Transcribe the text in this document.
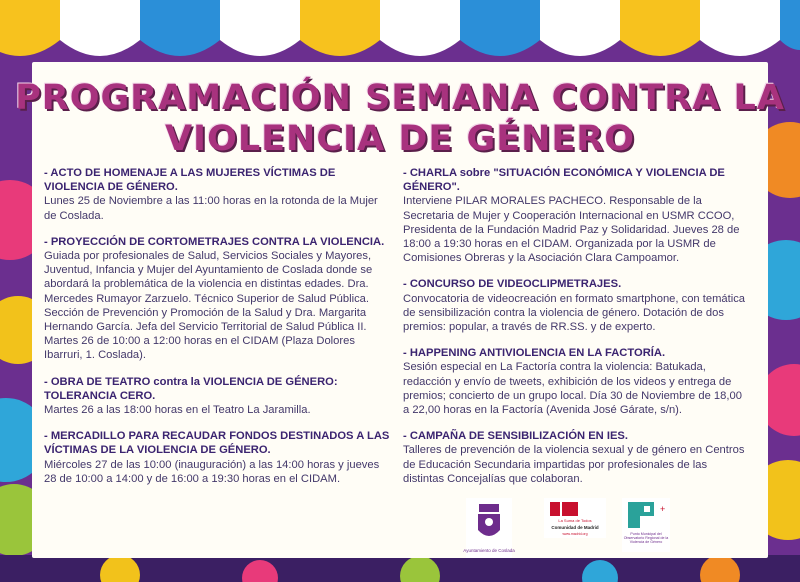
PROGRAMACIÓN SEMANA CONTRA LA
VIOLENCIA DE GÉNERO
- ACTO DE HOMENAJE A LAS MUJERES VÍCTIMAS DE VIOLENCIA DE GÉNERO.
Lunes 25 de Noviembre a las 11:00 horas en la rotonda de la Mujer de Coslada.
- PROYECCIÓN DE CORTOMETRAJES CONTRA LA VIOLENCIA.
Guiada por profesionales de Salud, Servicios Sociales y Mayores, Juventud, Infancia y Mujer del Ayuntamiento de Coslada donde se abordará la problemática de la violencia en distintas edades. Dra. Mercedes Rumayor Zarzuelo. Técnico Superior de Salud Pública. Sección de Prevención y Promoción de la Salud y Dra. Margarita Hernando García. Jefa del Servicio Territorial de Salud Pública II. Martes 26 de 10:00 a 12:00 horas en el CIDAM (Plaza Dolores Ibarruri, 1. Coslada).
- OBRA DE TEATRO contra la VIOLENCIA DE GÉNERO: TOLERANCIA CERO.
Martes 26 a las 18:00 horas en el Teatro La Jaramilla.
- MERCADILLO PARA RECAUDAR FONDOS DESTINADOS A LAS VÍCTIMAS DE LA VIOLENCIA DE GÉNERO.
Miércoles 27 de las 10:00 (inauguración) a las 14:00 horas y jueves 28 de 10:00 a 14:00 y de 16:00 a 19:30 horas en el CIDAM.
- CHARLA sobre "SITUACIÓN ECONÓMICA Y VIOLENCIA DE GÉNERO".
Interviene PILAR MORALES PACHECO. Responsable de la Secretaria de Mujer y Cooperación Internacional en USMR CCOO, Presidenta de la Fundación Madrid Paz y Solidaridad. Jueves 28 de 18:00 a 19:30 horas en el CIDAM. Organizada por la USMR de Comisiones Obreras y la Asociación Clara Campoamor.
- CONCURSO DE VIDEOCLIPMETRAJES.
Convocatoria de videocreación en formato smartphone, con temática de sensibilización contra la violencia de género. Dotación de dos premios: popular, a través de RR.SS. y de experto.
- HAPPENING ANTIVIOLENCIA EN LA FACTORÍA.
Sesión especial en La Factoría contra la violencia: Batukada, redacción y envío de tweets, exhibición de los videos y entrega de premios; concierto de un grupo local. Día 30 de Noviembre de 18,00 a 22,00 horas en la Factoría (Avenida José Gárate, s/n).
- CAMPAÑA DE SENSIBILIZACIÓN EN IES.
Talleres de prevención de la violencia sexual y de género en Centros de Educación Secundaria impartidas por profesionales de las distintas Concejalías que colaboran.
Ayuntamiento de Coslada
La Suma de Todos
Comunidad de Madrid
www.madrid.org
+
Punto Municipal del Observatorio Regional de la Violencia de Género
